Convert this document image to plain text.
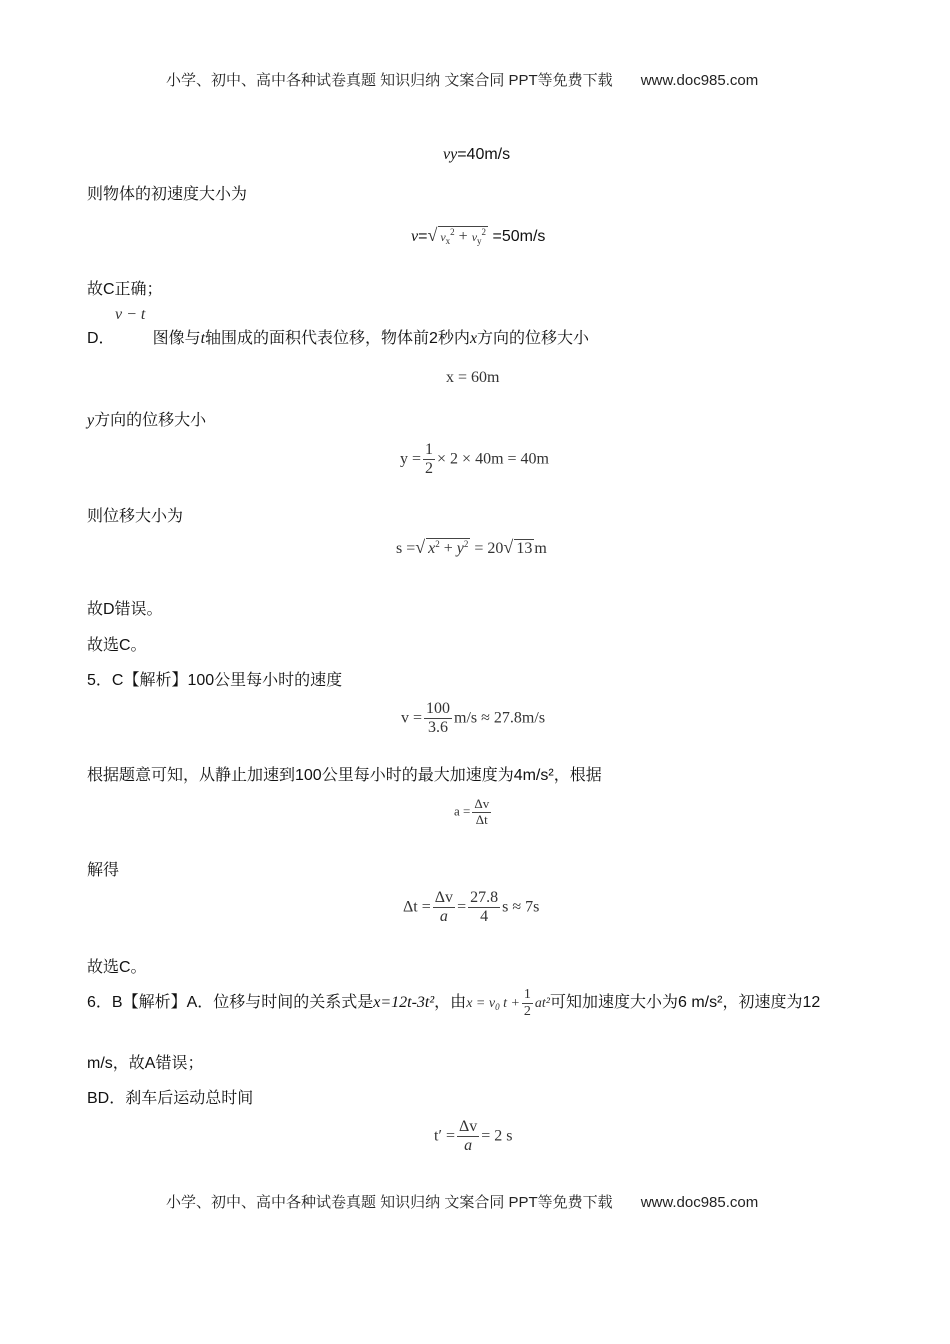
小学、初中、高中各种试卷真题 知识归纳 文案合同 PPT等免费下载 www.doc985.com
vy=40m/s
则物体的初速度大小为
v=√ $v_x^2 + v_y^2 =50m/s$
故C正确；
v − t
D． 图像与t轴围成的面积代表位移，物体前2秒内x方向的位移大小
x = 60m
y方向的位移大小
$y = \frac{1}{2} \times 2 \times 40m = 40m$
则位移大小为
s =√ $x^2 + y^2 = 20√$ 13 m
故D错误。
故选C。
5．C【解析】100公里每小时的速度
$v = \frac{100}{3.6} m/s \approx 27.8m/s$
根据题意可知，从静止加速到100公里每小时的最大加速度为4m/s²，根据
$a = \frac{\Delta v}{\Delta t}$
解得
$\Delta t = \frac{\Delta v}{a} = \frac{27.8}{4}$ s ≈ 7s
故选C。
6．B【解析】A．位移与时间的关系式是x=12t-3t²，由$x = v_0$ $t + \frac{1}{2} at^2$可知加速度大小为6 m/s²，初速度为12
m/s，故A错误；
BD．刹车后运动总时间
$t' = \frac{\Delta v}{a} = 2$ s
小学、初中、高中各种试卷真题 知识归纳 文案合同 PPT等免费下载 www.doc985.com
